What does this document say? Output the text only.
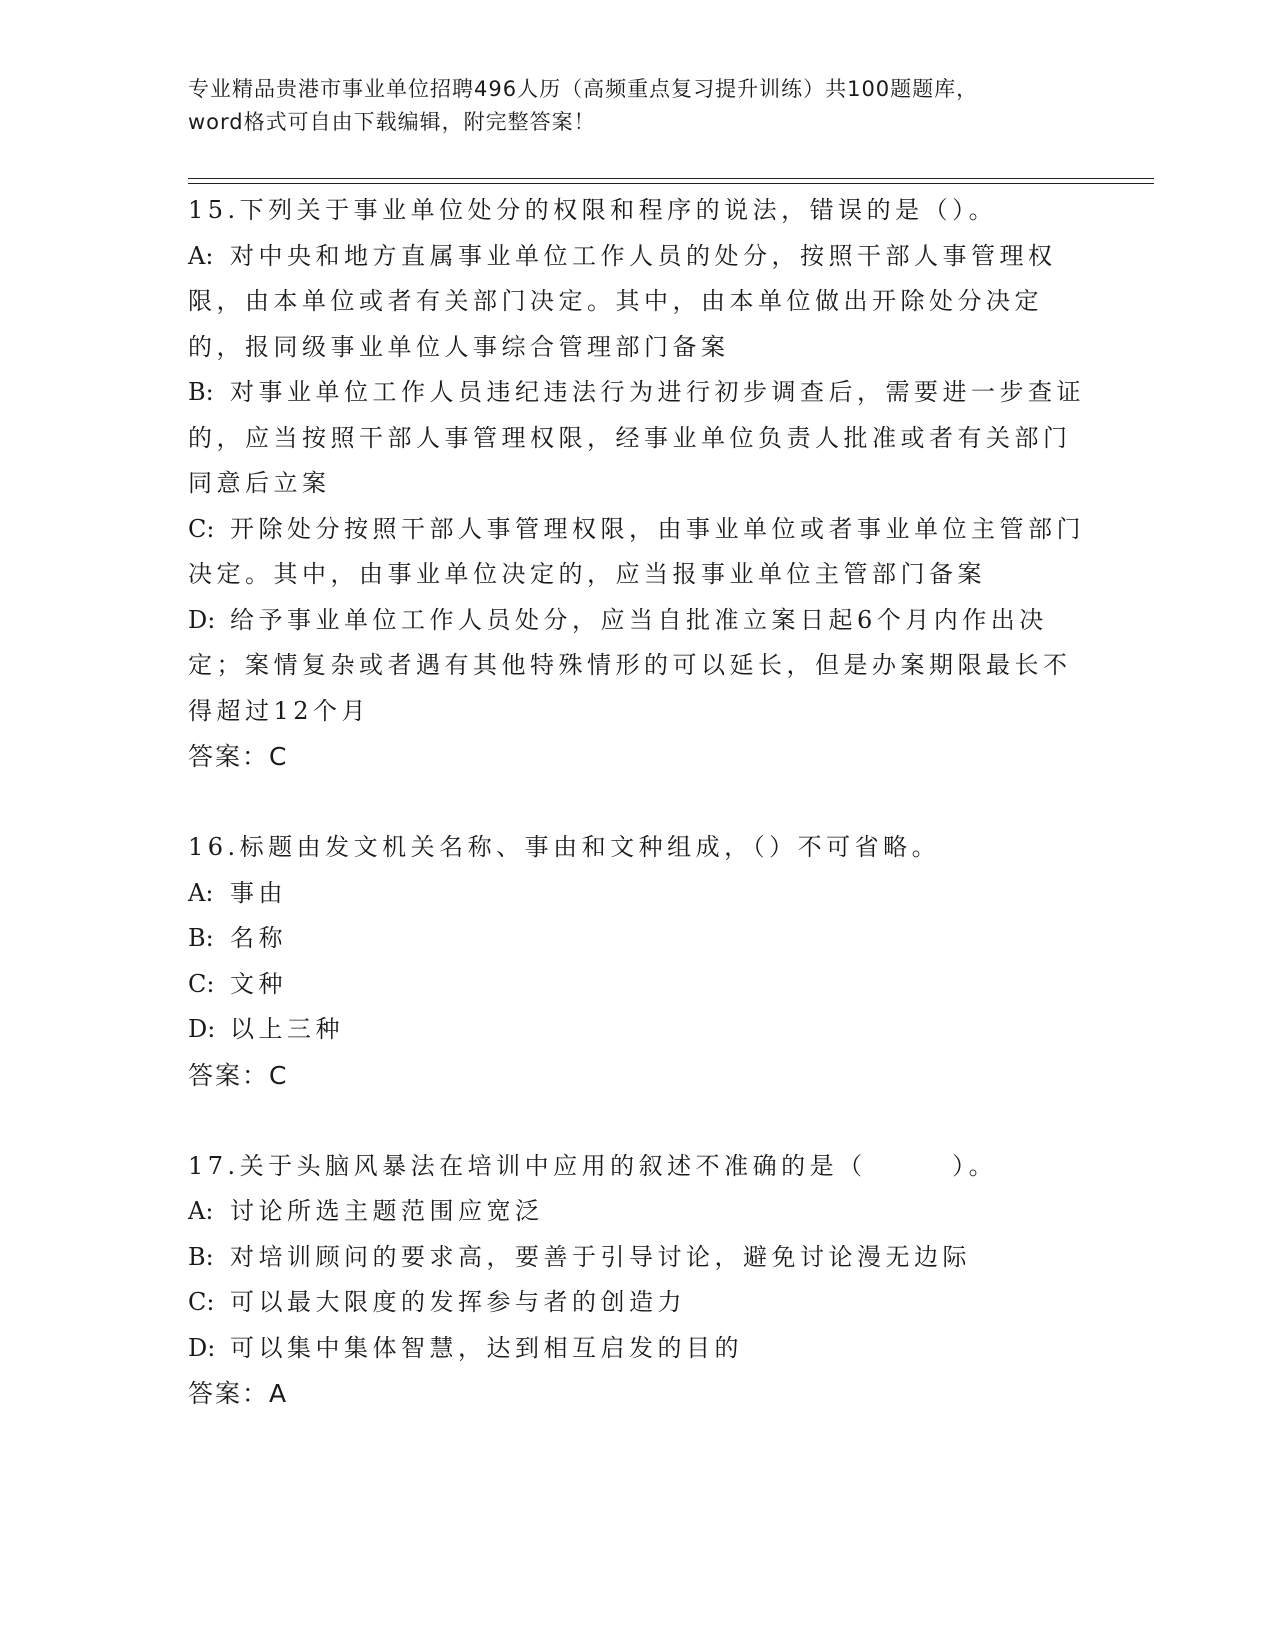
专业精品贵港市事业单位招聘496人历（高频重点复习提升训练）共100题题库，word格式可自由下载编辑，附完整答案！

15.下列关于事业单位处分的权限和程序的说法，错误的是（）。

A: 对中央和地方直属事业单位工作人员的处分，按照干部人事管理权限，由本单位或者有关部门决定。其中，由本单位做出开除处分决定的，报同级事业单位人事综合管理部门备案

B: 对事业单位工作人员违纪违法行为进行初步调查后，需要进一步查证的，应当按照干部人事管理权限，经事业单位负责人批准或者有关部门同意后立案

C: 开除处分按照干部人事管理权限，由事业单位或者事业单位主管部门决定。其中，由事业单位决定的，应当报事业单位主管部门备案

D: 给予事业单位工作人员处分，应当自批准立案日起6个月内作出决定；案情复杂或者遇有其他特殊情形的可以延长，但是办案期限最长不得超过12个月

答案：C

16.标题由发文机关名称、事由和文种组成，（）不可省略。

A: 事由

B: 名称

C: 文种

D: 以上三种

答案：C

17.关于头脑风暴法在培训中应用的叙述不准确的是（　　　）。

A: 讨论所选主题范围应宽泛

B: 对培训顾问的要求高，要善于引导讨论，避免讨论漫无边际

C: 可以最大限度的发挥参与者的创造力

D: 可以集中集体智慧，达到相互启发的目的

答案：A
